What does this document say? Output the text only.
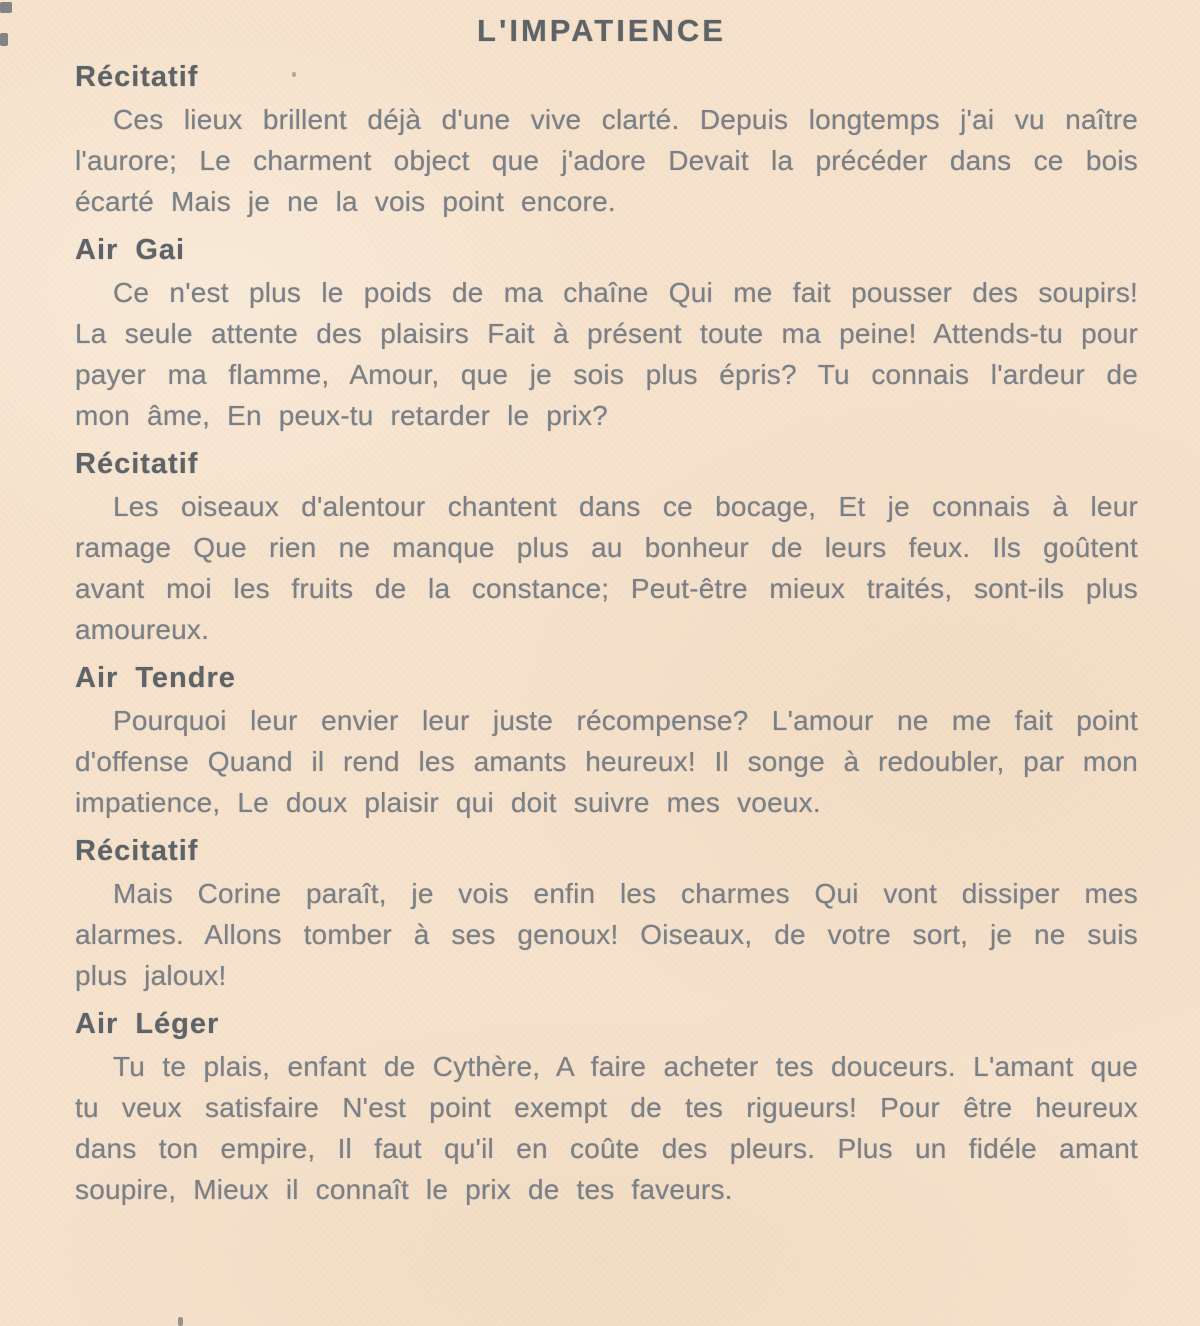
L'IMPATIENCE
Récitatif

Ces lieux brillent déjà d'une vive clarté. Depuis longtemps j'ai vu naître l'aurore; Le charment object que j'adore Devait la précéder dans ce bois écarté Mais je ne la vois point encore.

Air Gai

Ce n'est plus le poids de ma chaîne Qui me fait pousser des soupirs! La seule attente des plaisirs Fait à présent toute ma peine! Attends-tu pour payer ma flamme, Amour, que je sois plus épris? Tu connais l'ardeur de mon âme, En peux-tu retarder le prix?

Récitatif

Les oiseaux d'alentour chantent dans ce bocage, Et je connais à leur ramage Que rien ne manque plus au bonheur de leurs feux. Ils goûtent avant moi les fruits de la constance; Peut-être mieux traités, sont-ils plus amoureux.

Air Tendre

Pourquoi leur envier leur juste récompense? L'amour ne me fait point d'offense Quand il rend les amants heureux! Il songe à redoubler, par mon impatience, Le doux plaisir qui doit suivre mes voeux.

Récitatif

Mais Corine paraît, je vois enfin les charmes Qui vont dissiper mes alarmes. Allons tomber à ses genoux! Oiseaux, de votre sort, je ne suis plus jaloux!

Air Léger

Tu te plais, enfant de Cythère, A faire acheter tes douceurs. L'amant que tu veux satisfaire N'est point exempt de tes rigueurs! Pour être heureux dans ton empire, Il faut qu'il en coûte des pleurs. Plus un fidéle amant soupire, Mieux il connaît le prix de tes faveurs.
